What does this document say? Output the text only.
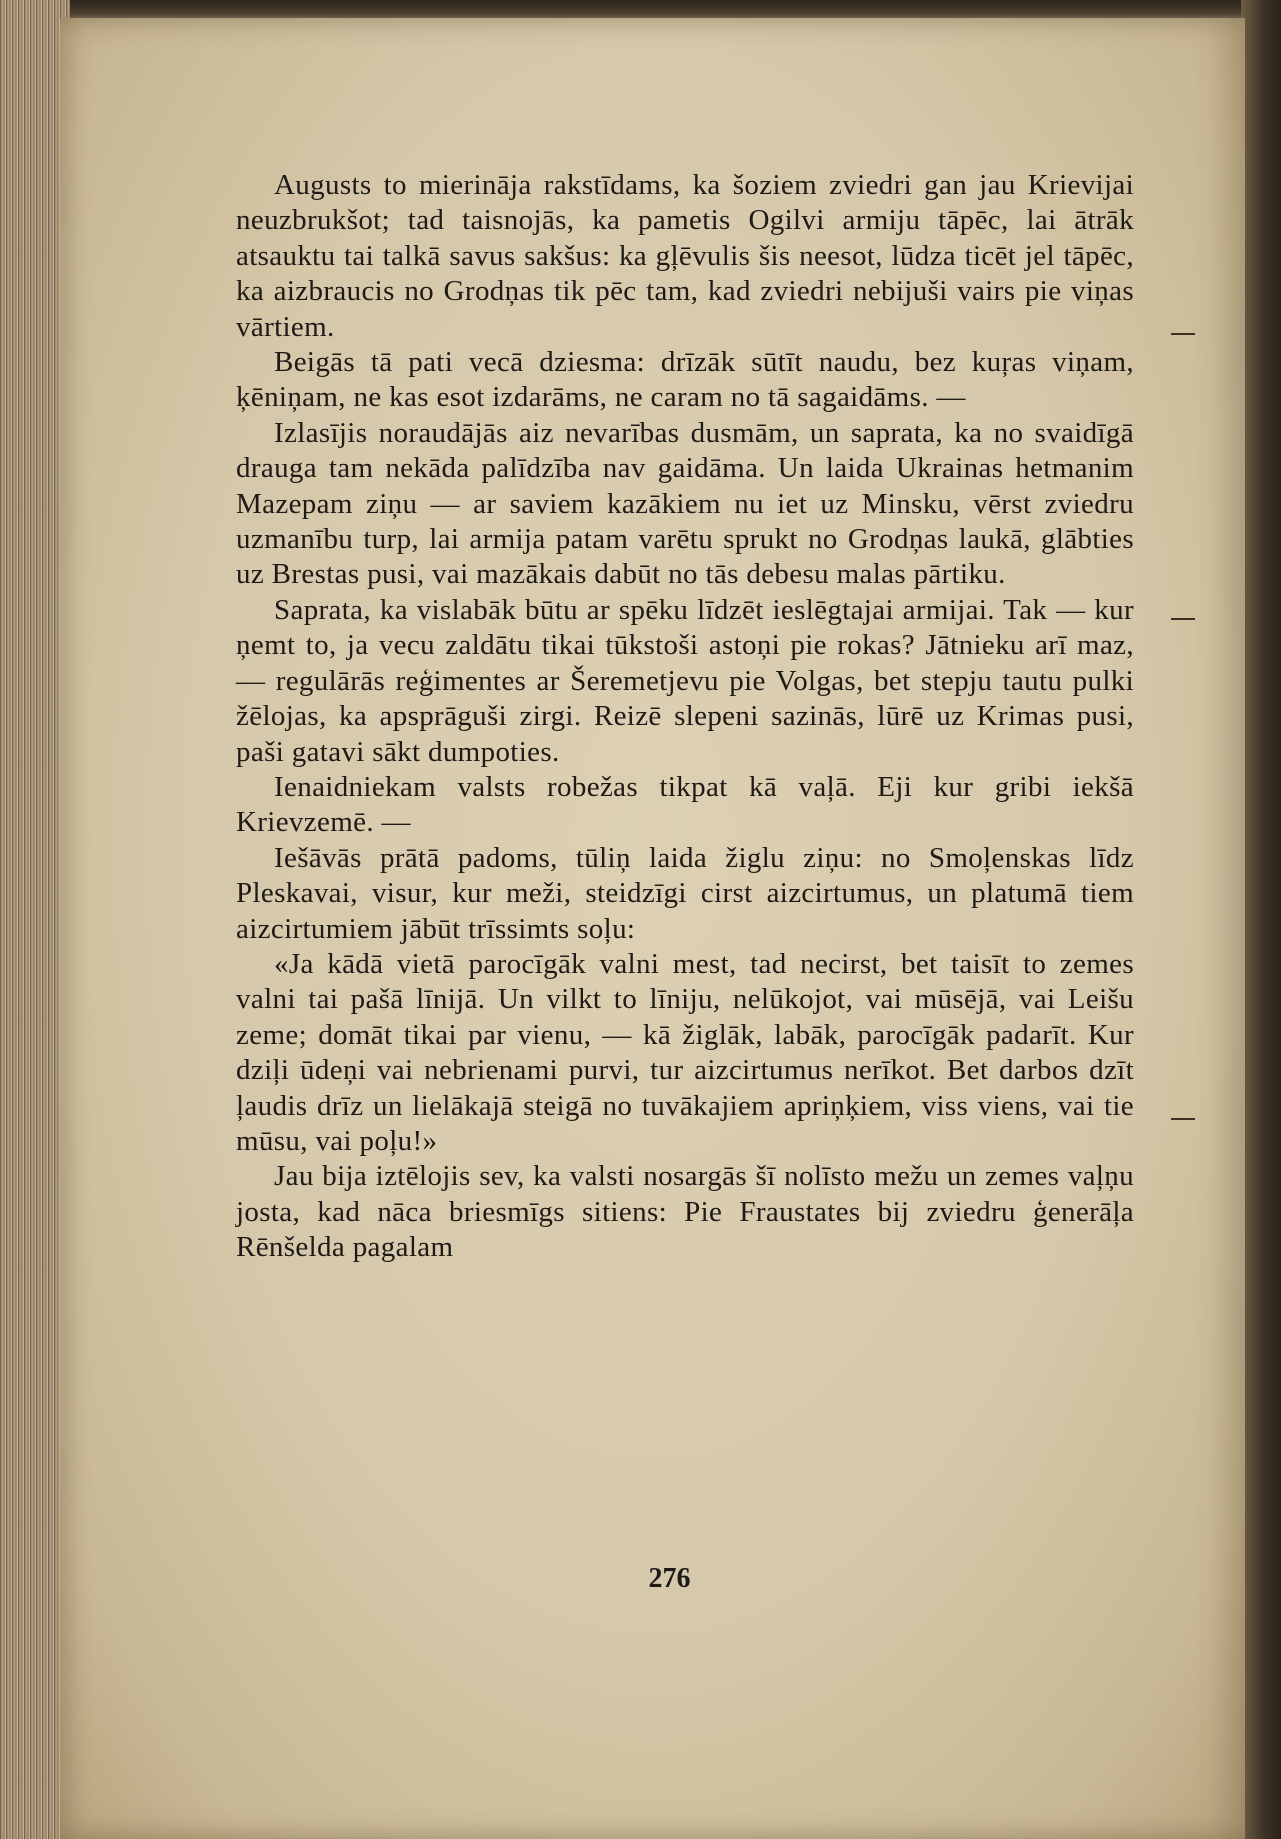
Augusts to mierināja rakstīdams, ka šoziem zviedri gan jau Krievijai neuzbrukšot; tad taisnojās, ka pametis Ogilvi armiju tāpēc, lai ātrāk atsauktu tai talkā savus sakšus: ka gļēvulis šis neesot, lūdza ticēt jel tāpēc, ka aizbraucis no Grodņas tik pēc tam, kad zviedri nebijuši vairs pie viņas vārtiem.

Beigās tā pati vecā dziesma: drīzāk sūtīt naudu, bez kuŗas viņam, ķēniņam, ne kas esot izdarāms, ne caram no tā sagaidāms. —

Izlasījis noraudājās aiz nevarības dusmām, un saprata, ka no svaidīgā drauga tam nekāda palīdzība nav gaidāma. Un laida Ukrainas hetmanim Mazepam ziņu — ar saviem kazākiem nu iet uz Minsku, vērst zviedru uzmanību turp, lai armija patam varētu sprukt no Grodņas laukā, glābties uz Brestas pusi, vai mazākais dabūt no tās debesu malas pārtiku.

Saprata, ka vislabāk būtu ar spēku līdzēt ieslēgtajai armijai. Tak — kur ņemt to, ja vecu zaldātu tikai tūkstoši astoņi pie rokas? Jātnieku arī maz, — regulārās reģimentes ar Šeremetjevu pie Volgas, bet stepju tautu pulki žēlojas, ka apsprāguši zirgi. Reizē slepeni sazinās, lūrē uz Krimas pusi, paši gatavi sākt dumpoties.

Ienaidniekam valsts robežas tikpat kā vaļā. Eji kur gribi iekšā Krievzemē. —

Iešāvās prātā padoms, tūliņ laida žiglu ziņu: no Smoļenskas līdz Pleskavai, visur, kur meži, steidzīgi cirst aizcirtumus, un platumā tiem aizcirtumiem jābūt trīssimts soļu:

«Ja kādā vietā parocīgāk valni mest, tad necirst, bet taisīt to zemes valni tai pašā līnijā. Un vilkt to līniju, nelūkojot, vai mūsējā, vai Leišu zeme; domāt tikai par vienu, — kā žiglāk, labāk, parocīgāk padarīt. Kur dziļi ūdeņi vai nebrienami purvi, tur aizcirtumus nerīkot. Bet darbos dzīt ļaudis drīz un lielākajā steigā no tuvākajiem apriņķiem, viss viens, vai tie mūsu, vai poļu!»

Jau bija iztēlojis sev, ka valsti nosargās šī nolīsto mežu un zemes vaļņu josta, kad nāca briesmīgs sitiens: Pie Fraustates bij zviedru ģenerāļa Rēnšelda pagalam

276
